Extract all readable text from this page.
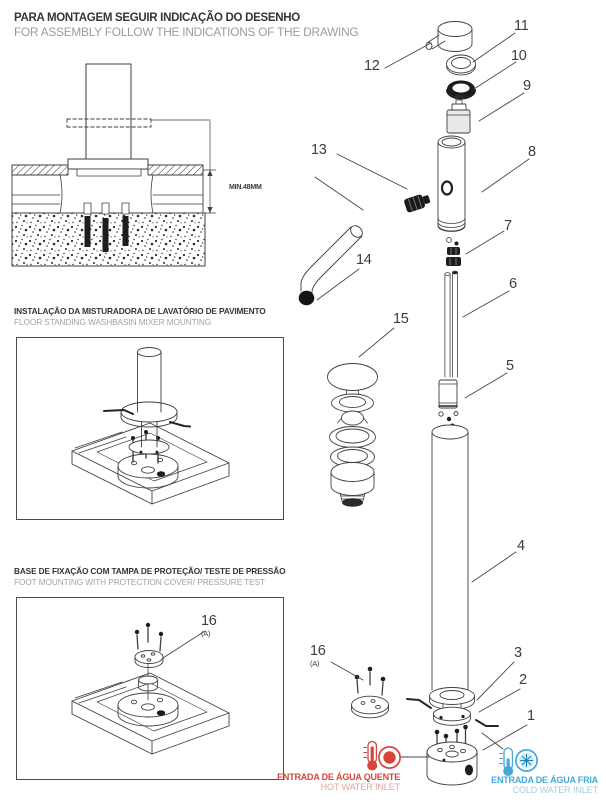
PARA MONTAGEM SEGUIR INDICAÇÃO DO DESENHO
FOR ASSEMBLY FOLLOW THE INDICATIONS OF THE DRAWING
MIN.48MM
INSTALAÇÃO DA MISTURADORA DE LAVATÓRIO DE PAVIMENTO
FLOOR STANDING WASHBASIN MIXER MOUNTING
BASE DE FIXAÇÃO COM TAMPA DE PROTEÇÃO/ TESTE DE PRESSÃO
FOOT MOUNTING WITH PROTECTION COVER/ PRESSURE TEST
16
(A)
1
2
3
4
5
6
7
8
9
10
11
12
13
14
15
16
(A)
ENTRADA DE ÁGUA QUENTE
HOT WATER INLET
ENTRADA DE ÁGUA FRIA
COLD WATER INLET
